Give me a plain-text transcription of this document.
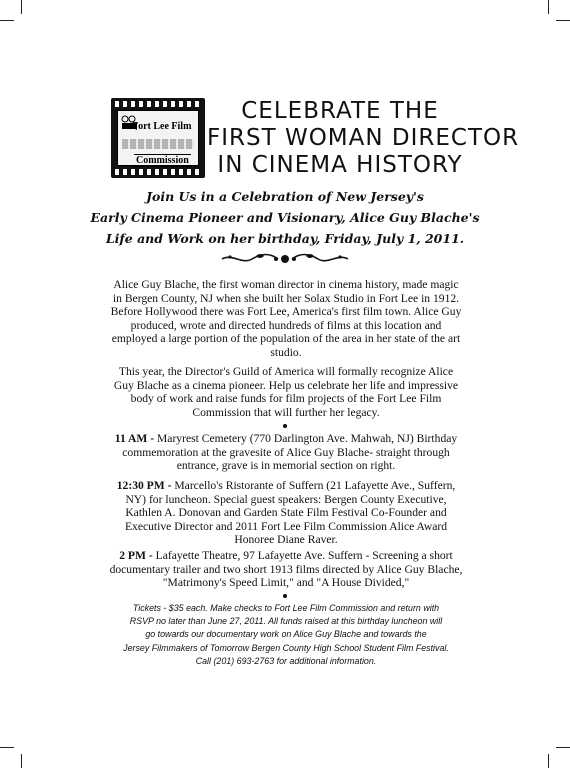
Fort Lee Film
Commission
CELEBRATE THE
FIRST WOMAN DIRECTOR
IN CINEMA HISTORY
Join Us in a Celebration of New Jersey's
Early Cinema Pioneer and Visionary, Alice Guy Blache's
Life and Work on her birthday, Friday, July 1, 2011.
Alice Guy Blache, the first woman director in cinema history, made magic in Bergen County, NJ when she built her Solax Studio in Fort Lee in 1912. Before Hollywood there was Fort Lee, America's first film town. Alice Guy produced, wrote and directed hundreds of films at this location and employed a large portion of the population of the area in her state of the art studio.
This year, the Director's Guild of America will formally recognize Alice Guy Blache as a cinema pioneer. Help us celebrate her life and impressive body of work and raise funds for film projects of the Fort Lee Film Commission that will further her legacy.
11 AM - Maryrest Cemetery (770 Darlington Ave. Mahwah, NJ) Birthday commemoration at the gravesite of Alice Guy Blache- straight through entrance, grave is in memorial section on right.
12:30 PM - Marcello's Ristorante of Suffern (21 Lafayette Ave., Suffern, NY) for luncheon. Special guest speakers: Bergen County Executive, Kathlen A. Donovan and Garden State Film Festival Co-Founder and Executive Director and 2011 Fort Lee Film Commission Alice Award Honoree Diane Raver.
2 PM - Lafayette Theatre, 97 Lafayette Ave. Suffern - Screening a short documentary trailer and two short 1913 films directed by Alice Guy Blache, "Matrimony's Speed Limit," and "A House Divided,"
Tickets - $35 each. Make checks to Fort Lee Film Commission and return with
RSVP no later than June 27, 2011. All funds raised at this birthday luncheon will
go towards our documentary work on Alice Guy Blache and towards the
Jersey Filmmakers of Tomorrow Bergen County High School Student Film Festival.
Call (201) 693-2763 for additional information.
